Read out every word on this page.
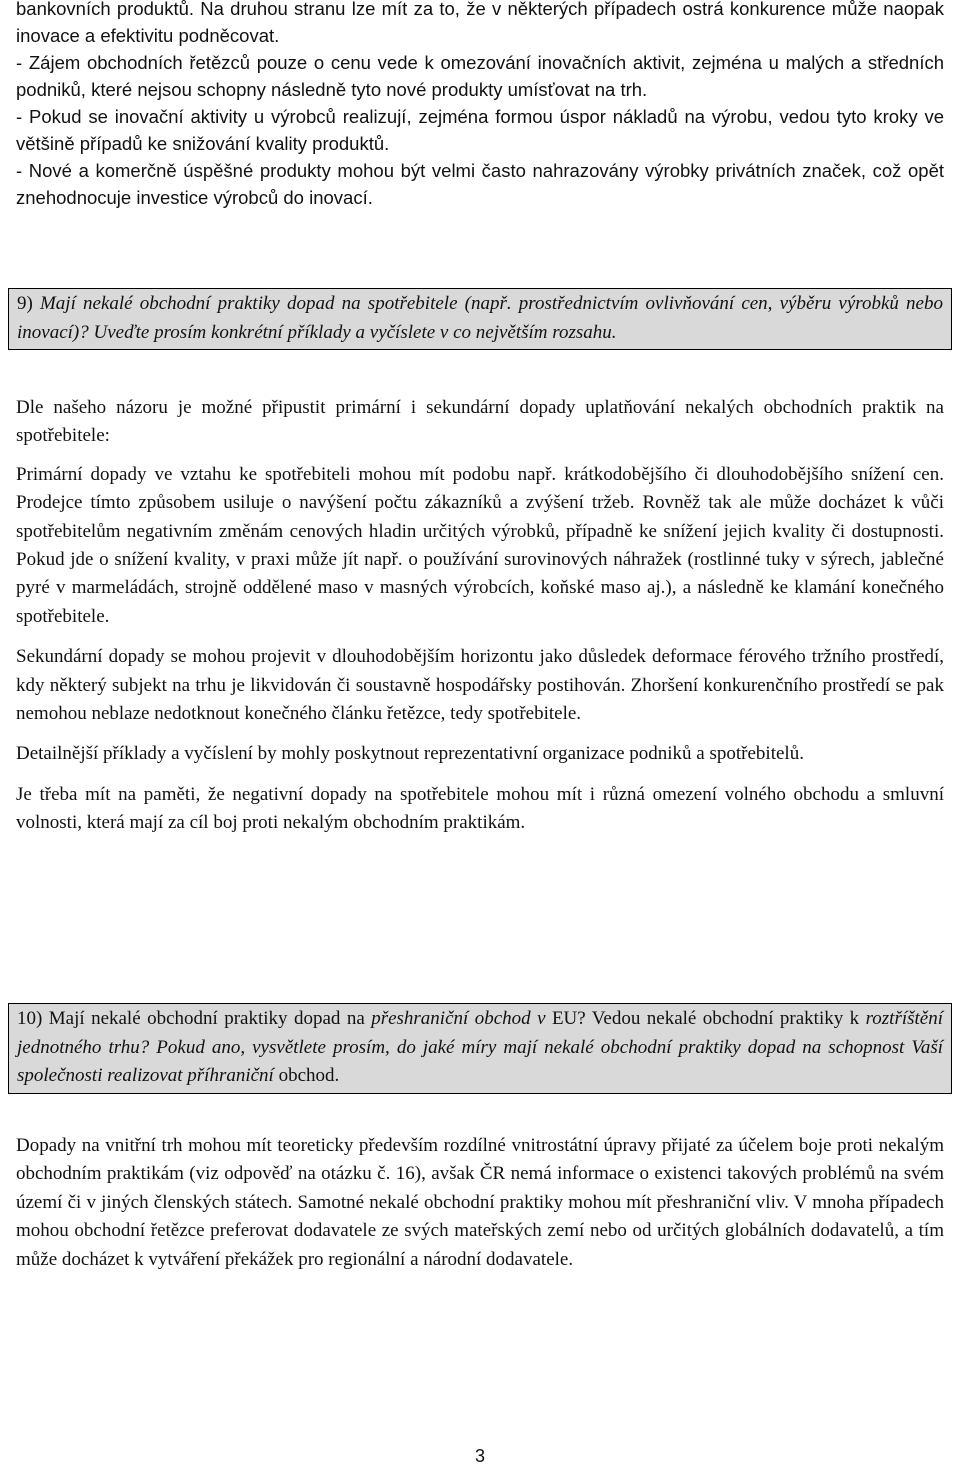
bankovních produktů. Na druhou stranu lze mít za to, že v některých případech ostrá konkurence může naopak inovace a efektivitu podněcovat.

- Zájem obchodních řetězců pouze o cenu vede k omezování inovačních aktivit, zejména u malých a středních podniků, které nejsou schopny následně tyto nové produkty umísťovat na trh.

- Pokud se inovační aktivity u výrobců realizují, zejména formou úspor nákladů na výrobu, vedou tyto kroky ve většině případů ke snižování kvality produktů.

- Nové a komerčně úspěšné produkty mohou být velmi často nahrazovány výrobky privátních značek, což opět znehodnocuje investice výrobců do inovací.

9) Mají nekalé obchodní praktiky dopad na spotřebitele (např. prostřednictvím ovlivňování cen, výběru výrobků nebo inovací)? Uveďte prosím konkrétní příklady a vyčíslete v co největším rozsahu.

Dle našeho názoru je možné připustit primární i sekundární dopady uplatňování nekalých obchodních praktik na spotřebitele:

Primární dopady ve vztahu ke spotřebiteli mohou mít podobu např. krátkodobějšího či dlouhodobějšího snížení cen. Prodejce tímto způsobem usiluje o navýšení počtu zákazníků a zvýšení tržeb. Rovněž tak ale může docházet k vůči spotřebitelům negativním změnám cenových hladin určitých výrobků, případně ke snížení jejich kvality či dostupnosti. Pokud jde o snížení kvality, v praxi může jít např. o používání surovinových náhražek (rostlinné tuky v sýrech, jablečné pyré v marmeládách, strojně oddělené maso v masných výrobcích, koňské maso aj.), a následně ke klamání konečného spotřebitele.

Sekundární dopady se mohou projevit v dlouhodobějším horizontu jako důsledek deformace férového tržního prostředí, kdy některý subjekt na trhu je likvidován či soustavně hospodářsky postihován. Zhoršení konkurenčního prostředí se pak nemohou neblaze nedotknout konečného článku řetězce, tedy spotřebitele.

Detailnější příklady a vyčíslení by mohly poskytnout reprezentativní organizace podniků a spotřebitelů.

Je třeba mít na paměti, že negativní dopady na spotřebitele mohou mít i různá omezení volného obchodu a smluvní volnosti, která mají za cíl boj proti nekalým obchodním praktikám.

10) Mají nekalé obchodní praktiky dopad na přeshraniční obchod v EU? Vedou nekalé obchodní praktiky k roztříštění jednotného trhu? Pokud ano, vysvětlete prosím, do jaké míry mají nekalé obchodní praktiky dopad na schopnost Vaší společnosti realizovat příhraniční obchod.

Dopady na vnitřní trh mohou mít teoreticky především rozdílné vnitrostátní úpravy přijaté za účelem boje proti nekalým obchodním praktikám (viz odpověď na otázku č. 16), avšak ČR nemá informace o existenci takových problémů na svém území či v jiných členských státech. Samotné nekalé obchodní praktiky mohou mít přeshraniční vliv. V mnoha případech mohou obchodní řetězce preferovat dodavatele ze svých mateřských zemí nebo od určitých globálních dodavatelů, a tím může docházet k vytváření překážek pro regionální a národní dodavatele.

3
